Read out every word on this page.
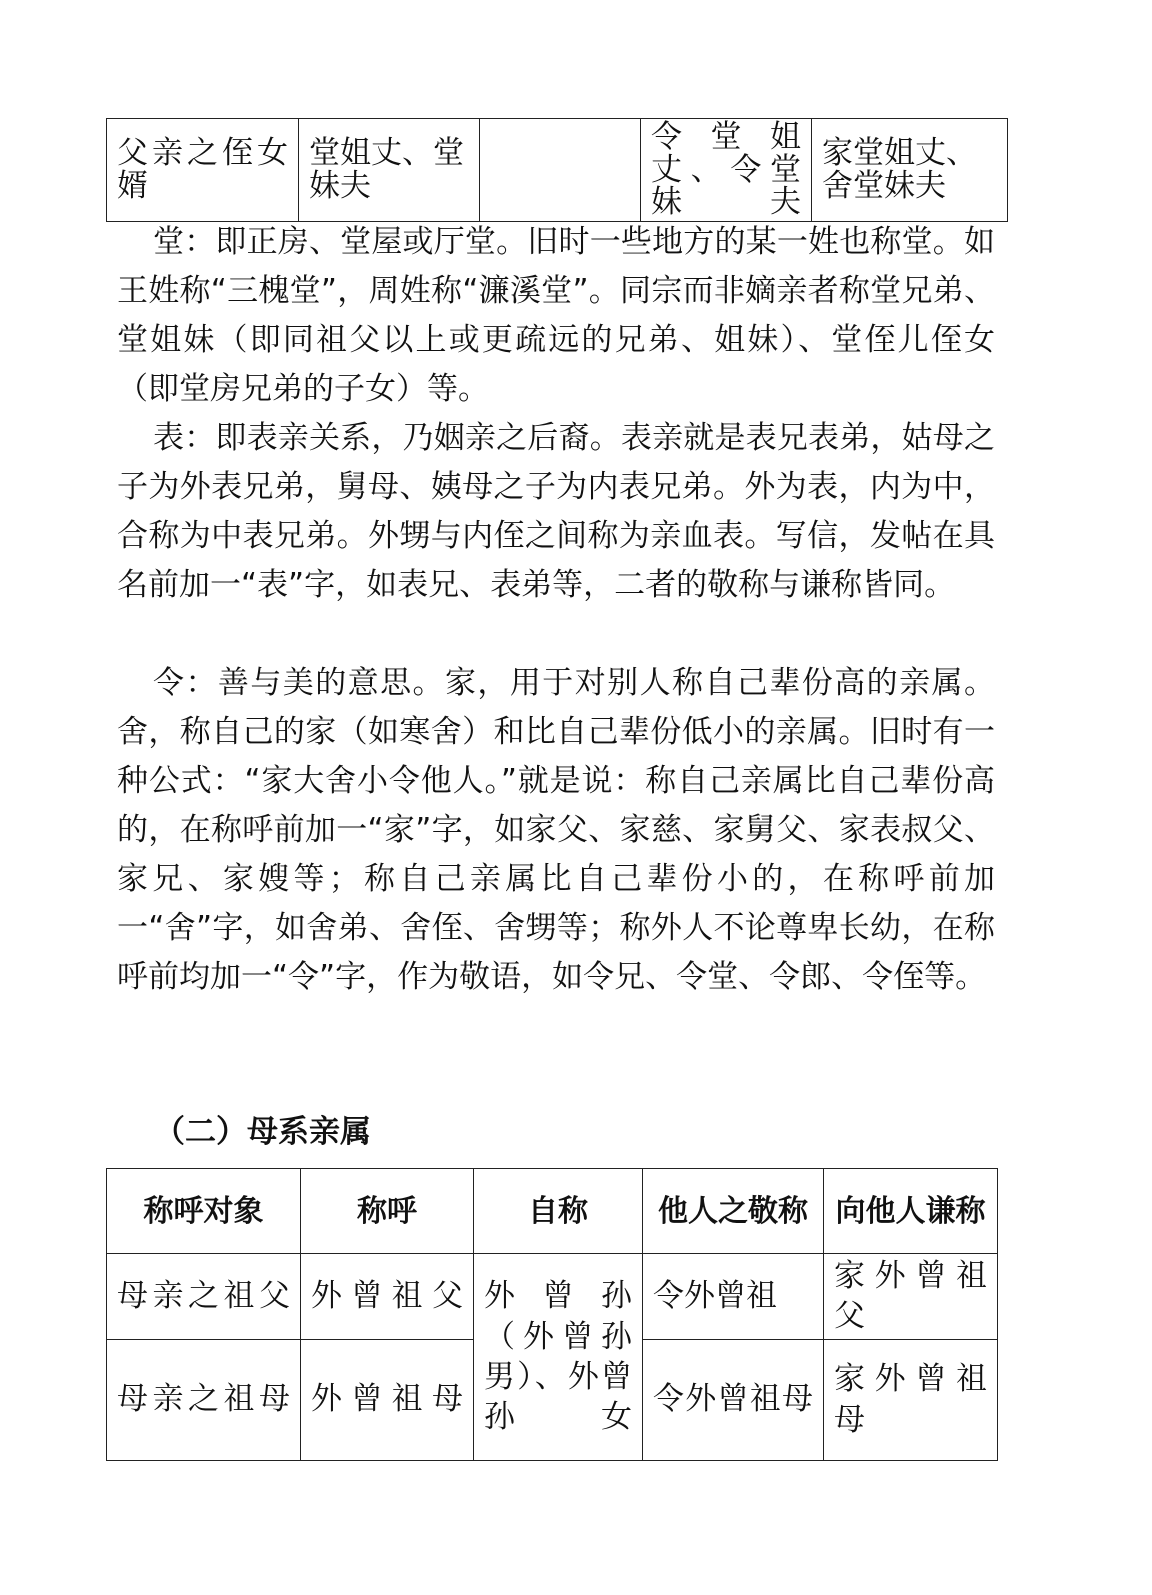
父亲之侄女婿	堂姐丈、堂妹夫		令堂姐丈、令堂妹夫	家堂姐丈、舍堂妹夫

堂：即正房、堂屋或厅堂。旧时一些地方的某一姓也称堂。如王姓称“三槐堂”，周姓称“濂溪堂”。同宗而非嫡亲者称堂兄弟、堂姐妹（即同祖父以上或更疏远的兄弟、姐妹）、堂侄儿侄女（即堂房兄弟的子女）等。

表：即表亲关系，乃姻亲之后裔。表亲就是表兄表弟，姑母之子为外表兄弟，舅母、姨母之子为内表兄弟。外为表，内为中，合称为中表兄弟。外甥与内侄之间称为亲血表。写信，发帖在具名前加一“表”字，如表兄、表弟等，二者的敬称与谦称皆同。

令：善与美的意思。家，用于对别人称自己辈份高的亲属。舍，称自己的家（如寒舍）和比自己辈份低小的亲属。旧时有一种公式：“家大舍小令他人。”就是说：称自己亲属比自己辈份高的，在称呼前加一“家”字，如家父、家慈、家舅父、家表叔父、家兄、家嫂等；称自己亲属比自己辈份小的，在称呼前加一“舍”字，如舍弟、舍侄、舍甥等；称外人不论尊卑长幼，在称呼前均加一“令”字，作为敬语，如令兄、令堂、令郎、令侄等。

（二）母系亲属
称呼对象	称呼	自称	他人之敬称	向他人谦称
母亲之祖父	外曾祖父	外曾孙（外曾孙男）、外曾孙女	令外曾祖	家外曾祖父
母亲之祖母	外曾祖母		令外曾祖母	家外曾祖母
